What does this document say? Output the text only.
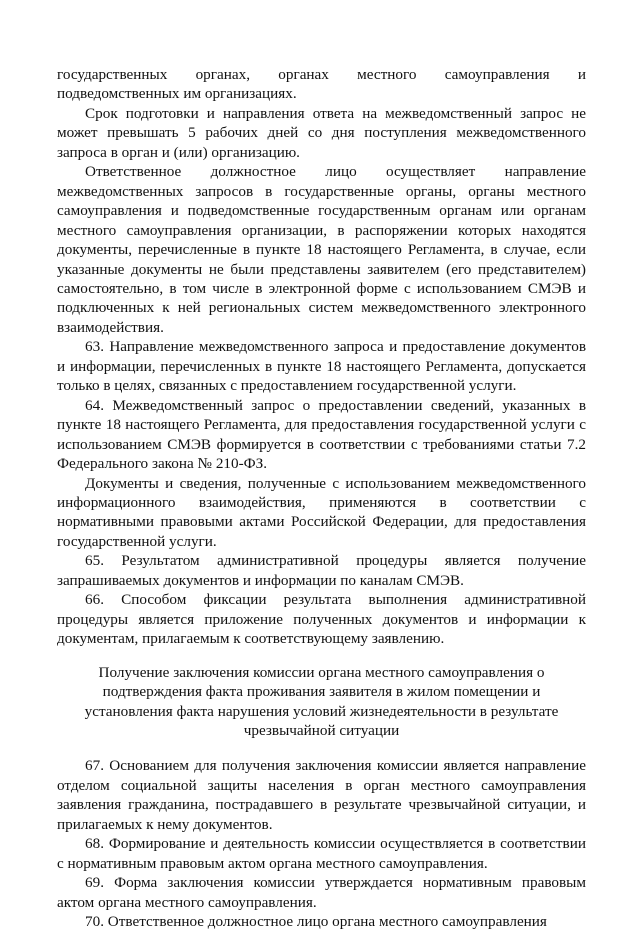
государственных органах, органах местного самоуправления и подведомственных им организациях.

Срок подготовки и направления ответа на межведомственный запрос не может превышать 5 рабочих дней со дня поступления межведомственного запроса в орган и (или) организацию.

Ответственное должностное лицо осуществляет направление межведомственных запросов в государственные органы, органы местного самоуправления и подведомственные государственным органам или органам местного самоуправления организации, в распоряжении которых находятся документы, перечисленные в пункте 18 настоящего Регламента, в случае, если указанные документы не были представлены заявителем (его представителем) самостоятельно, в том числе в электронной форме с использованием СМЭВ и подключенных к ней региональных систем межведомственного электронного взаимодействия.

63. Направление межведомственного запроса и предоставление документов и информации, перечисленных в пункте 18 настоящего Регламента, допускается только в целях, связанных с предоставлением государственной услуги.

64. Межведомственный запрос о предоставлении сведений, указанных в пункте 18 настоящего Регламента, для предоставления государственной услуги с использованием СМЭВ формируется в соответствии с требованиями статьи 7.2 Федерального закона № 210-ФЗ.

Документы и сведения, полученные с использованием межведомственного информационного взаимодействия, применяются в соответствии с нормативными правовыми актами Российской Федерации, для предоставления государственной услуги.

65. Результатом административной процедуры является получение запрашиваемых документов и информации по каналам СМЭВ.

66. Способом фиксации результата выполнения административной процедуры является приложение полученных документов и информации к документам, прилагаемым к соответствующему заявлению.

Получение заключения комиссии органа местного самоуправления о подтверждения факта проживания заявителя в жилом помещении и установления факта нарушения условий жизнедеятельности в результате чрезвычайной ситуации

67. Основанием для получения заключения комиссии является направление отделом социальной защиты населения в орган местного самоуправления заявления гражданина, пострадавшего в результате чрезвычайной ситуации, и прилагаемых к нему документов.

68. Формирование и деятельность комиссии осуществляется в соответствии с нормативным правовым актом органа местного самоуправления.

69. Форма заключения комиссии утверждается нормативным правовым актом органа местного самоуправления.

70. Ответственное должностное лицо органа местного самоуправления
